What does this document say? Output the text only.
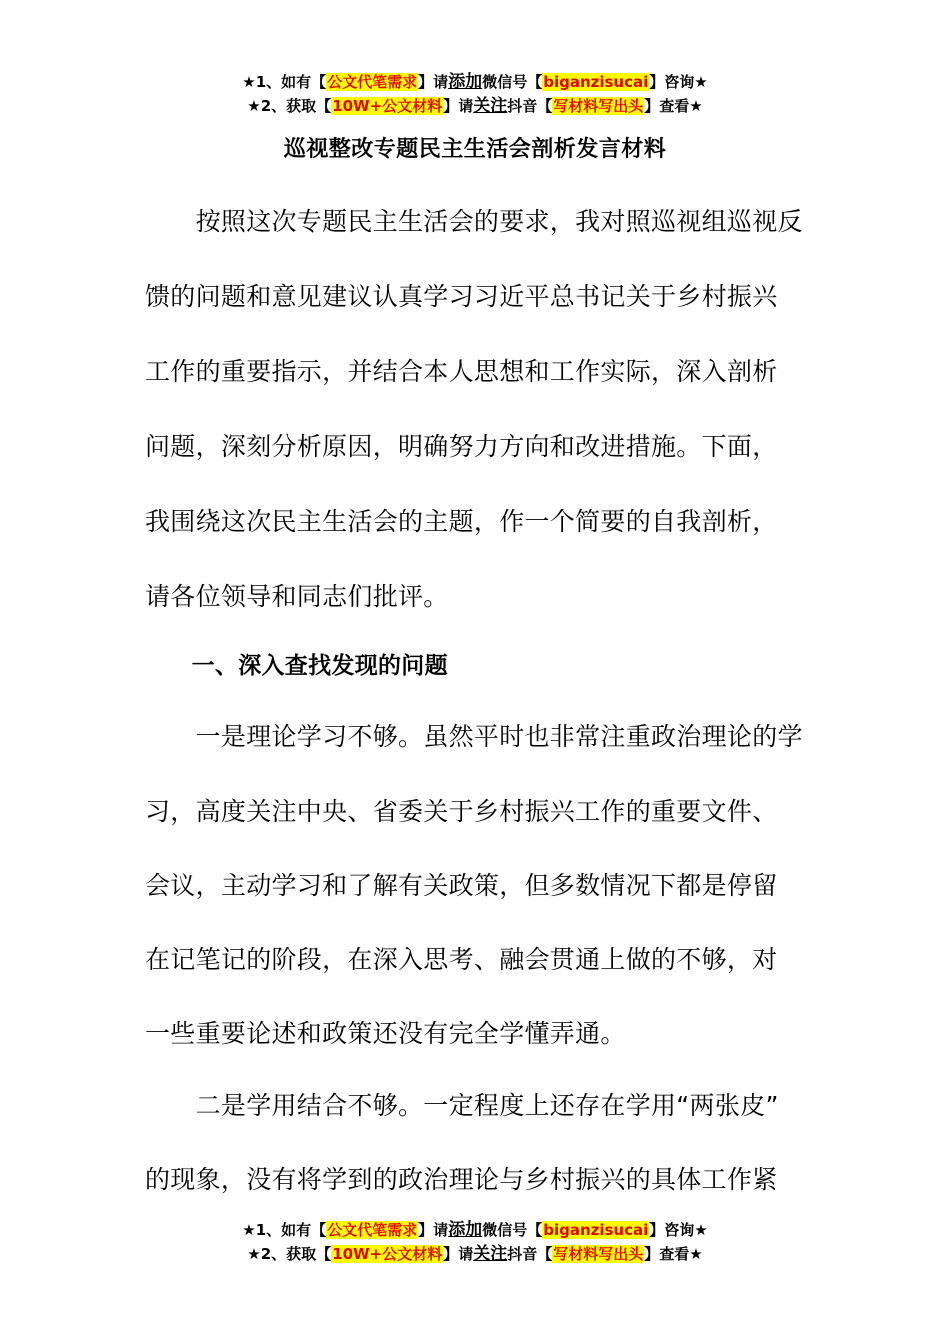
★1、如有【公文代笔需求】请添加微信号【biganzisucai】咨询★
★2、获取【10W+公文材料】请关注抖音【写材料写出头】查看★
巡视整改专题民主生活会剖析发言材料
　　按照这次专题民主生活会的要求，我对照巡视组巡视反
馈的问题和意见建议认真学习习近平总书记关于乡村振兴
工作的重要指示，并结合本人思想和工作实际，深入剖析
问题，深刻分析原因，明确努力方向和改进措施。下面，
我围绕这次民主生活会的主题，作一个简要的自我剖析，
请各位领导和同志们批评。
　　一、深入查找发现的问题
　　一是理论学习不够。虽然平时也非常注重政治理论的学
习，高度关注中央、省委关于乡村振兴工作的重要文件、
会议，主动学习和了解有关政策，但多数情况下都是停留
在记笔记的阶段，在深入思考、融会贯通上做的不够，对
一些重要论述和政策还没有完全学懂弄通。
　　二是学用结合不够。一定程度上还存在学用“两张皮”
的现象，没有将学到的政治理论与乡村振兴的具体工作紧
★1、如有【公文代笔需求】请添加微信号【biganzisucai】咨询★
★2、获取【10W+公文材料】请关注抖音【写材料写出头】查看★
